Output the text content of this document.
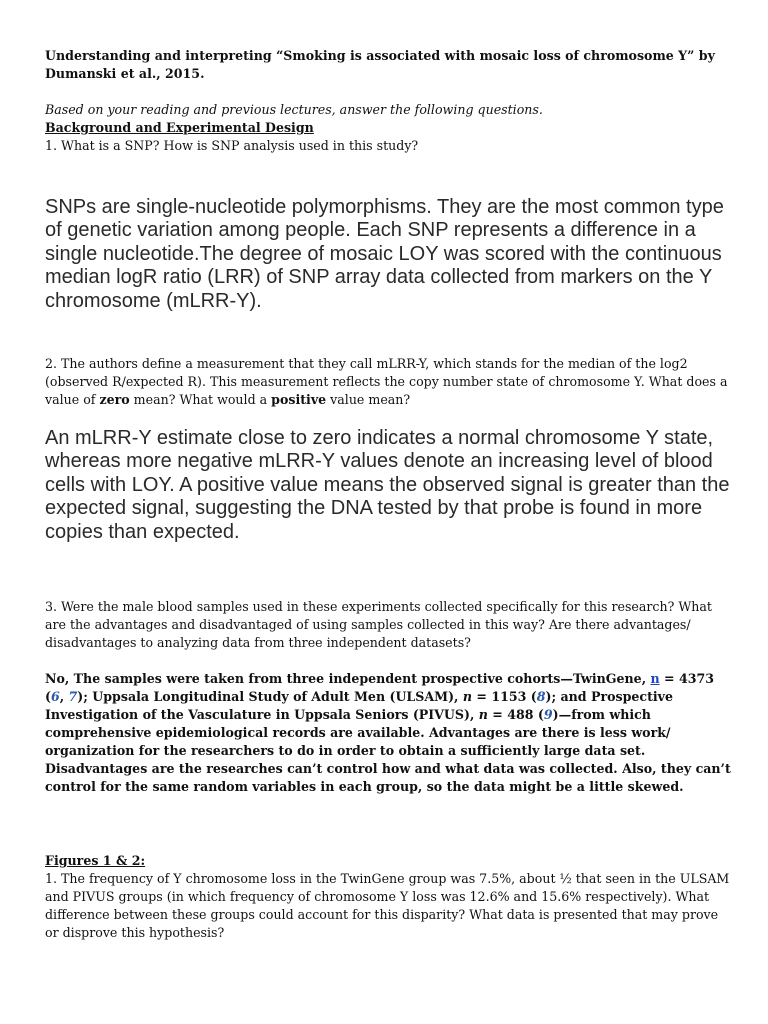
Understanding and interpreting “Smoking is associated with mosaic loss of chromosome Y” by
Dumanski et al., 2015.

Based on your reading and previous lectures, answer the following questions.

Background and Experimental Design

1. What is a SNP? How is SNP analysis used in this study?

SNPs are single-nucleotide polymorphisms. They are the most common type of genetic variation among people. Each SNP represents a difference in a single nucleotide.The degree of mosaic LOY was scored with the continuous median logR ratio (LRR) of SNP array data collected from markers on the Y chromosome (mLRR-Y).

2. The authors define a measurement that they call mLRR-Y, which stands for the median of the log2 (observed R/expected R). This measurement reflects the copy number state of chromosome Y. What does a value of zero mean? What would a positive value mean?

An mLRR-Y estimate close to zero indicates a normal chromosome Y state, whereas more negative mLRR-Y values denote an increasing level of blood cells with LOY. A positive value means the observed signal is greater than the expected signal, suggesting the DNA tested by that probe is found in more copies than expected.

3. Were the male blood samples used in these experiments collected specifically for this research? What are the advantages and disadvantaged of using samples collected in this way? Are there advantages/ disadvantages to analyzing data from three independent datasets?

No, The samples were taken from three independent prospective cohorts—TwinGene, n = 4373 (6, 7); Uppsala Longitudinal Study of Adult Men (ULSAM), n = 1153 (8); and Prospective Investigation of the Vasculature in Uppsala Seniors (PIVUS), n = 488 (9)—from which comprehensive epidemiological records are available. Advantages are there is less work/ organization for the researchers to do in order to obtain a sufficiently large data set. Disadvantages are the researches can’t control how and what data was collected. Also, they can’t control for the same random variables in each group, so the data might be a little skewed.

Figures 1 & 2:

1. The frequency of Y chromosome loss in the TwinGene group was 7.5%, about ½ that seen in the ULSAM and PIVUS groups (in which frequency of chromosome Y loss was 12.6% and 15.6% respectively). What difference between these groups could account for this disparity? What data is presented that may prove or disprove this hypothesis?
